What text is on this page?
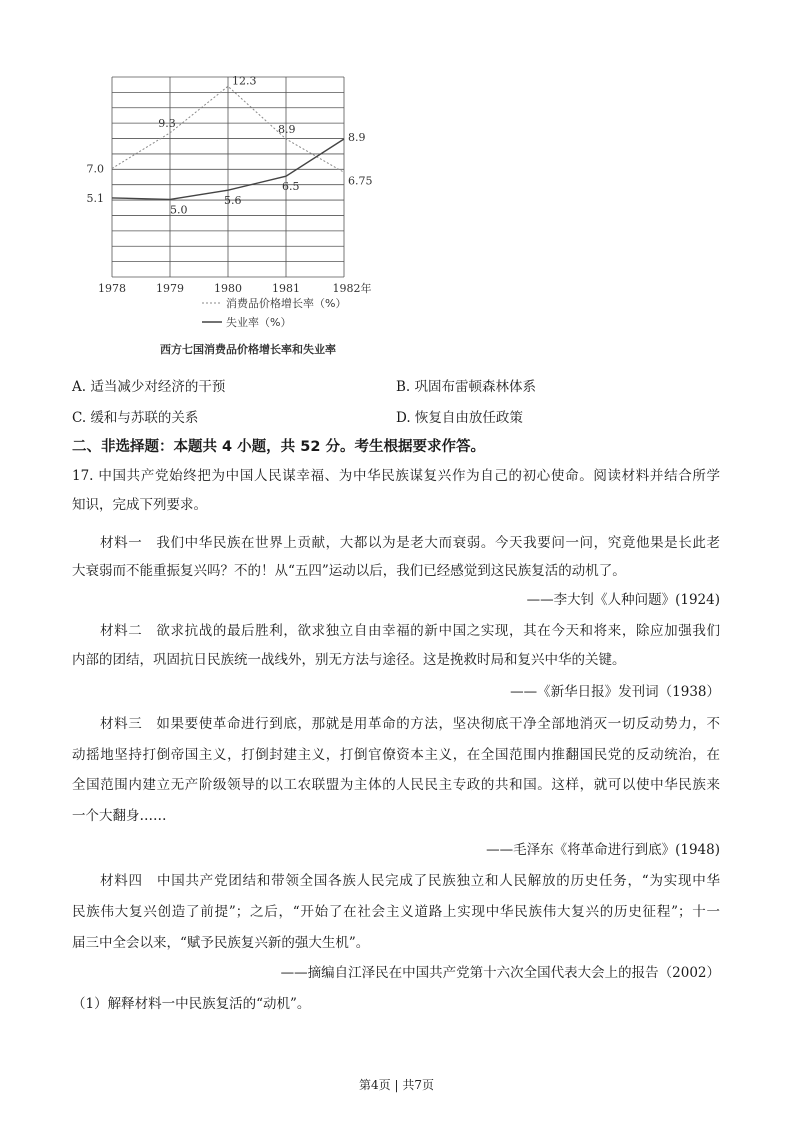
1978	1979	1980	1981	1982年
7.0
9.3
12.3
8.9
6.75
5.1
5.0
5.6
6.5
8.9
消费品价格增长率（%）
失业率（%）
西方七国消费品价格增长率和失业率
A. 适当减少对经济的干预	B. 巩固布雷顿森林体系
C. 缓和与苏联的关系	D. 恢复自由放任政策
二、非选择题：本题共 4 小题，共 52 分。考生根据要求作答。
17. 中国共产党始终把为中国人民谋幸福、为中华民族谋复兴作为自己的初心使命。阅读材料并结合所学
知识，完成下列要求。
材料一　我们中华民族在世界上贡献，大都以为是老大而衰弱。今天我要问一问，究竟他果是长此老
大衰弱而不能重振复兴吗？不的！从“五四”运动以后，我们已经感觉到这民族复活的动机了。
——李大钊《人种问题》(1924)
材料二　欲求抗战的最后胜利，欲求独立自由幸福的新中国之实现，其在今天和将来，除应加强我们
内部的团结，巩固抗日民族统一战线外，别无方法与途径。这是挽救时局和复兴中华的关键。
——《新华日报》发刊词（1938）
材料三　如果要使革命进行到底，那就是用革命的方法，坚决彻底干净全部地消灭一切反动势力，不
动摇地坚持打倒帝国主义，打倒封建主义，打倒官僚资本主义，在全国范围内推翻国民党的反动统治，在
全国范围内建立无产阶级领导的以工农联盟为主体的人民民主专政的共和国。这样，就可以使中华民族来
一个大翻身……
——毛泽东《将革命进行到底》(1948)
材料四　中国共产党团结和带领全国各族人民完成了民族独立和人民解放的历史任务，“为实现中华
民族伟大复兴创造了前提”；之后，“开始了在社会主义道路上实现中华民族伟大复兴的历史征程”；十一
届三中全会以来，“赋予民族复兴新的强大生机”。
——摘编自江泽民在中国共产党第十六次全国代表大会上的报告（2002）
（1）解释材料一中民族复活的“动机”。
第4页 | 共7页
